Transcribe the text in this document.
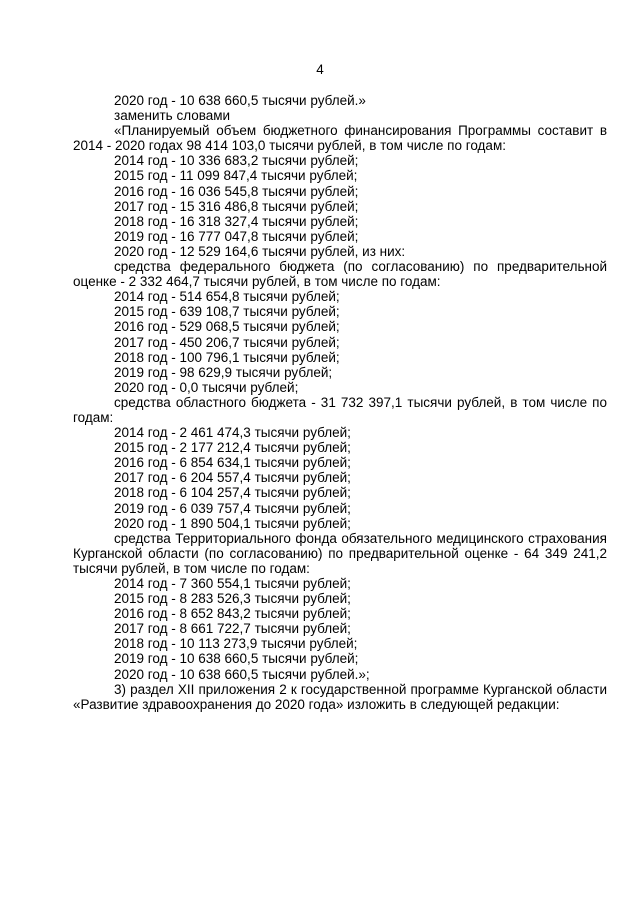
4
2020 год - 10 638 660,5 тысячи рублей.»
заменить словами
«Планируемый объем бюджетного финансирования Программы составит в 2014 - 2020 годах 98 414 103,0 тысячи рублей, в том числе по годам:
2014 год - 10 336 683,2 тысячи рублей;
2015 год - 11 099 847,4 тысячи рублей;
2016 год - 16 036 545,8 тысячи рублей;
2017 год - 15 316 486,8 тысячи рублей;
2018 год - 16 318 327,4 тысячи рублей;
2019 год - 16 777 047,8 тысячи рублей;
2020 год - 12 529 164,6 тысячи рублей, из них:
средства федерального бюджета (по согласованию) по предварительной оценке - 2 332 464,7 тысячи рублей, в том числе по годам:
2014 год - 514 654,8 тысячи рублей;
2015 год - 639 108,7 тысячи рублей;
2016 год - 529 068,5 тысячи рублей;
2017 год - 450 206,7 тысячи рублей;
2018 год - 100 796,1 тысячи рублей;
2019 год - 98 629,9 тысячи рублей;
2020 год - 0,0 тысячи рублей;
средства областного бюджета - 31 732 397,1 тысячи рублей, в том числе по годам:
2014 год - 2 461 474,3 тысячи рублей;
2015 год - 2 177 212,4 тысячи рублей;
2016 год - 6 854 634,1 тысячи рублей;
2017 год - 6 204 557,4 тысячи рублей;
2018 год - 6 104 257,4 тысячи рублей;
2019 год - 6 039 757,4 тысячи рублей;
2020 год - 1 890 504,1 тысячи рублей;
средства Территориального фонда обязательного медицинского страхования Курганской области (по согласованию) по предварительной оценке - 64 349 241,2 тысячи рублей, в том числе по годам:
2014 год - 7 360 554,1 тысячи рублей;
2015 год - 8 283 526,3 тысячи рублей;
2016 год - 8 652 843,2 тысячи рублей;
2017 год - 8 661 722,7 тысячи рублей;
2018 год - 10 113 273,9 тысячи рублей;
2019 год - 10 638 660,5 тысячи рублей;
2020 год - 10 638 660,5 тысячи рублей.»;
3) раздел XII приложения 2 к государственной программе Курганской области «Развитие здравоохранения до 2020 года» изложить в следующей редакции:
